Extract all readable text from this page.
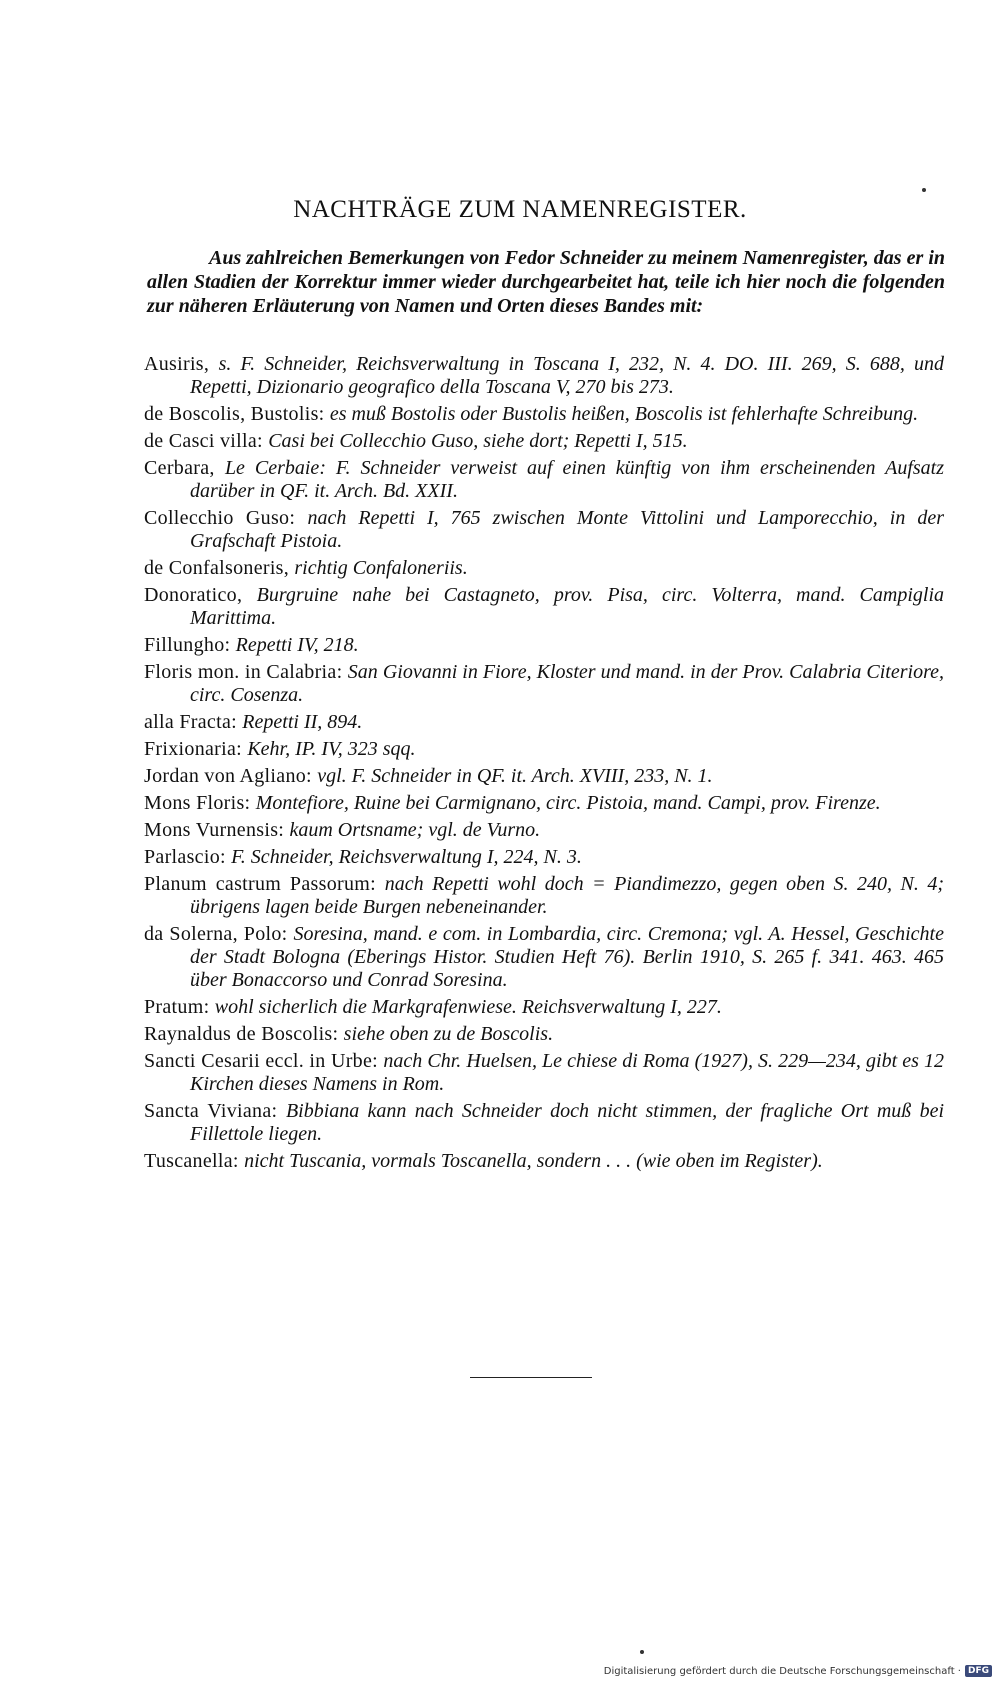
NACHTRÄGE ZUM NAMENREGISTER.

Aus zahlreichen Bemerkungen von Fedor Schneider zu meinem Namenregister, das er in allen Stadien der Korrektur immer wieder durchgearbeitet hat, teile ich hier noch die folgenden zur näheren Erläuterung von Namen und Orten dieses Bandes mit:

Ausiris, s. F. Schneider, Reichsverwaltung in Toscana I, 232, N. 4. DO. III. 269, S. 688, und Repetti, Dizionario geografico della Toscana V, 270 bis 273.
de Boscolis, Bustolis: es muß Bostolis oder Bustolis heißen, Boscolis ist fehlerhafte Schreibung.
de Casci villa: Casi bei Collecchio Guso, siehe dort; Repetti I, 515.
Cerbara, Le Cerbaie: F. Schneider verweist auf einen künftig von ihm erscheinenden Aufsatz darüber in QF. it. Arch. Bd. XXII.
Collecchio Guso: nach Repetti I, 765 zwischen Monte Vittolini und Lamporecchio, in der Grafschaft Pistoia.
de Confalsoneris, richtig Confaloneriis.
Donoratico, Burgruine nahe bei Castagneto, prov. Pisa, circ. Volterra, mand. Campiglia Marittima.
Fillungho: Repetti IV, 218.
Floris mon. in Calabria: San Giovanni in Fiore, Kloster und mand. in der Prov. Calabria Citeriore, circ. Cosenza.
alla Fracta: Repetti II, 894.
Frixionaria: Kehr, IP. IV, 323 sqq.
Jordan von Agliano: vgl. F. Schneider in QF. it. Arch. XVIII, 233, N. 1.
Mons Floris: Montefiore, Ruine bei Carmignano, circ. Pistoia, mand. Campi, prov. Firenze.
Mons Vurnensis: kaum Ortsname; vgl. de Vurno.
Parlascio: F. Schneider, Reichsverwaltung I, 224, N. 3.
Planum castrum Passorum: nach Repetti wohl doch = Piandimezzo, gegen oben S. 240, N. 4; übrigens lagen beide Burgen nebeneinander.
da Solerna, Polo: Soresina, mand. e com. in Lombardia, circ. Cremona; vgl. A. Hessel, Geschichte der Stadt Bologna (Eberings Histor. Studien Heft 76). Berlin 1910, S. 265 f. 341. 463. 465 über Bonaccorso und Conrad Soresina.
Pratum: wohl sicherlich die Markgrafenwiese. Reichsverwaltung I, 227.
Raynaldus de Boscolis: siehe oben zu de Boscolis.
Sancti Cesarii eccl. in Urbe: nach Chr. Huelsen, Le chiese di Roma (1927), S. 229—234, gibt es 12 Kirchen dieses Namens in Rom.
Sancta Viviana: Bibbiana kann nach Schneider doch nicht stimmen, der fragliche Ort muß bei Fillettole liegen.
Tuscanella: nicht Tuscania, vormals Toscanella, sondern . . . (wie oben im Register).
Digitalisierung gefördert durch die Deutsche Forschungsgemeinschaft · DFG
